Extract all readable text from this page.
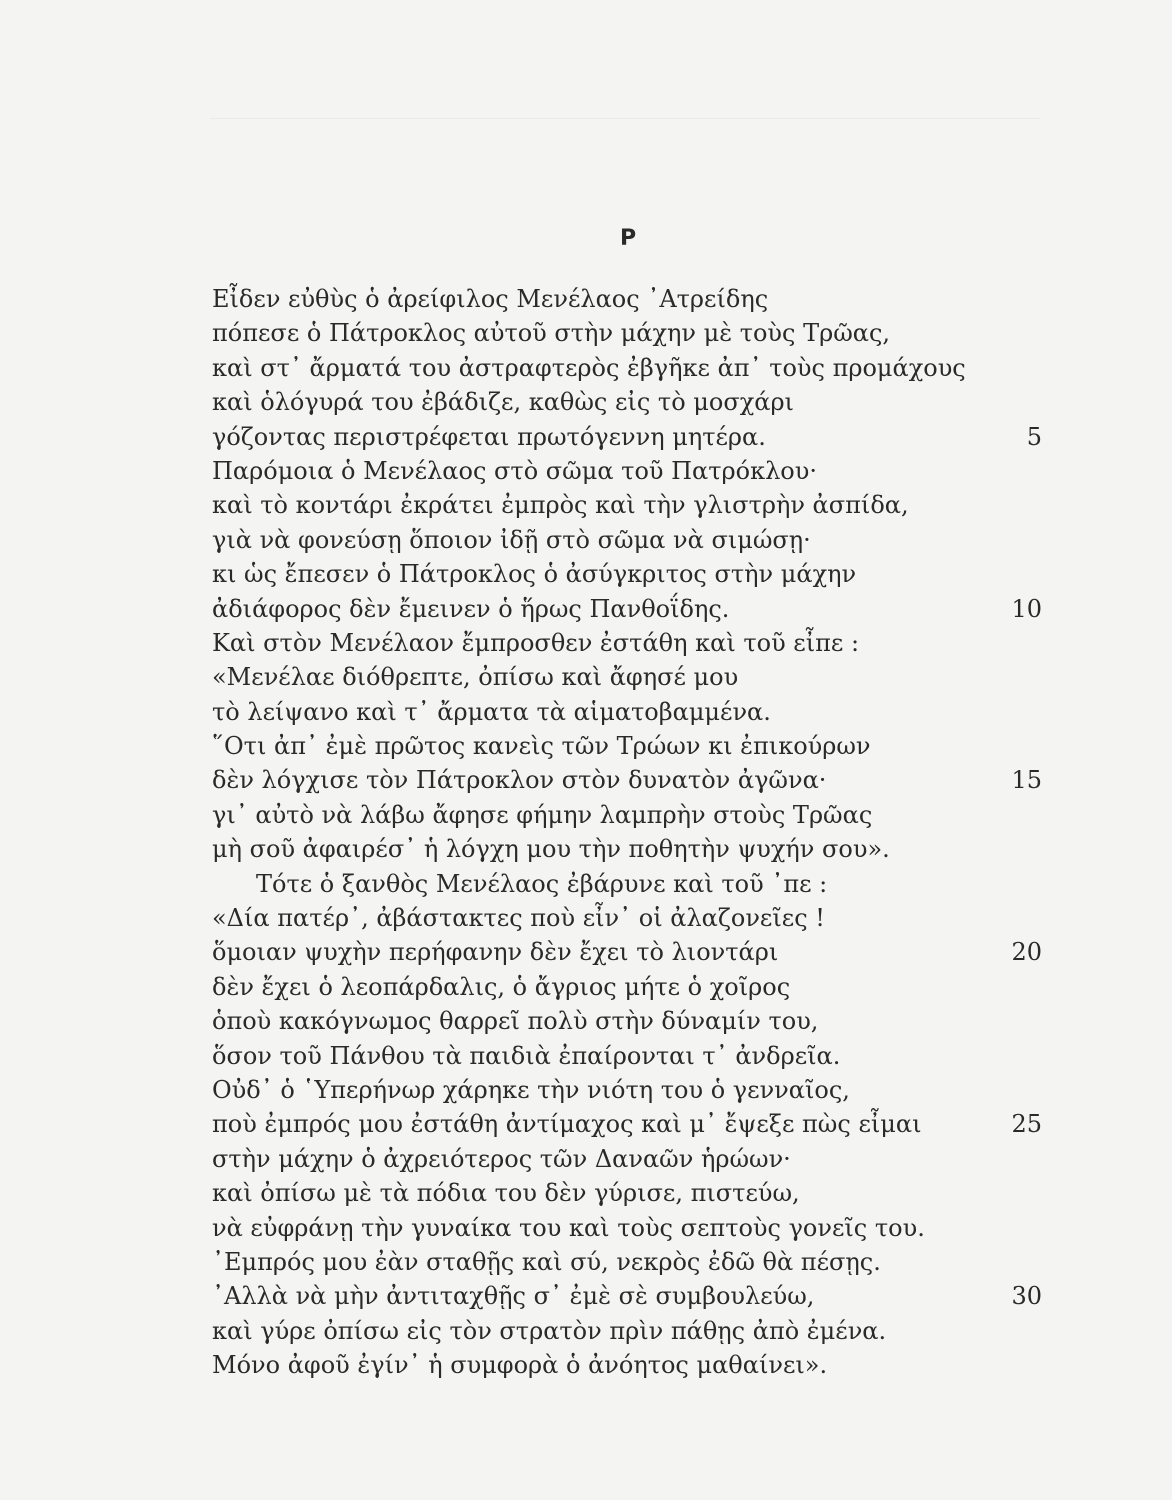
Ρ
Εἶδεν εὐθὺς ὁ ἀρείφιλος Μενέλαος ᾿Ατρείδης
πόπεσε ὁ Πάτροκλος αὐτοῦ στὴν μάχην μὲ τοὺς Τρῶας,
καὶ στ᾿ ἄρματά του ἀστραφτερὸς ἐβγῆκε ἀπ᾿ τοὺς προμάχους
καὶ ὁλόγυρά του ἐβάδιζε, καθὼς εἰς τὸ μοσχάρι
γόζοντας περιστρέφεται πρωτόγεννη μητέρα.	5
Παρόμοια ὁ Μενέλαος στὸ σῶμα τοῦ Πατρόκλου·
καὶ τὸ κοντάρι ἐκράτει ἐμπρὸς καὶ τὴν γλιστρὴν ἀσπίδα,
γιὰ νὰ φονεύσῃ ὅποιον ἰδῇ στὸ σῶμα νὰ σιμώσῃ·
κι ὡς ἔπεσεν ὁ Πάτροκλος ὁ ἀσύγκριτος στὴν μάχην
ἀδιάφορος δὲν ἔμεινεν ὁ ἥρως Πανθοΐδης.	10
Καὶ στὸν Μενέλαον ἔμπροσθεν ἐστάθη καὶ τοῦ εἶπε :
«Μενέλαε διόθρεπτε, ὀπίσω καὶ ἄφησέ μου
τὸ λείψανο καὶ τ᾿ ἄρματα τὰ αἱματοβαμμένα.
῞Οτι ἀπ᾿ ἐμὲ πρῶτος κανεὶς τῶν Τρώων κι ἐπικούρων
δὲν λόγχισε τὸν Πάτροκλον στὸν δυνατὸν ἀγῶνα·	15
γι᾿ αὐτὸ νὰ λάβω ἄφησε φήμην λαμπρὴν στοὺς Τρῶας
μὴ σοῦ ἀφαιρέσ᾿ ἡ λόγχη μου τὴν ποθητὴν ψυχήν σου».
Τότε ὁ ξανθὸς Μενέλαος ἐβάρυνε καὶ τοῦ ᾿πε :
«Δία πατέρ᾿, ἀβάστακτες ποὺ εἶν᾿ οἱ ἀλαζονεῖες !
ὅμοιαν ψυχὴν περήφανην δὲν ἔχει τὸ λιοντάρι	20
δὲν ἔχει ὁ λεοπάρδαλις, ὁ ἄγριος μήτε ὁ χοῖρος
ὁποὺ κακόγνωμος θαρρεῖ πολὺ στὴν δύναμίν του,
ὅσον τοῦ Πάνθου τὰ παιδιὰ ἐπαίρονται τ᾿ ἀνδρεῖα.
Οὐδ᾿ ὁ ῾Υπερήνωρ χάρηκε τὴν νιότη του ὁ γενναῖος,
ποὺ ἐμπρός μου ἐστάθη ἀντίμαχος καὶ μ᾿ ἔψεξε πὼς εἶμαι	25
στὴν μάχην ὁ ἀχρειότερος τῶν Δαναῶν ἡρώων·
καὶ ὀπίσω μὲ τὰ πόδια του δὲν γύρισε, πιστεύω,
νὰ εὐφράνῃ τὴν γυναίκα του καὶ τοὺς σεπτοὺς γονεῖς του.
᾿Εμπρός μου ἐὰν σταθῇς καὶ σύ, νεκρὸς ἐδῶ θὰ πέσῃς.
᾿Αλλὰ νὰ μὴν ἀντιταχθῇς σ᾿ ἐμὲ σὲ συμβουλεύω,	30
καὶ γύρε ὀπίσω εἰς τὸν στρατὸν πρὶν πάθῃς ἀπὸ ἐμένα.
Μόνο ἀφοῦ ἐγίν᾿ ἡ συμφορὰ ὁ ἀνόητος μαθαίνει».
